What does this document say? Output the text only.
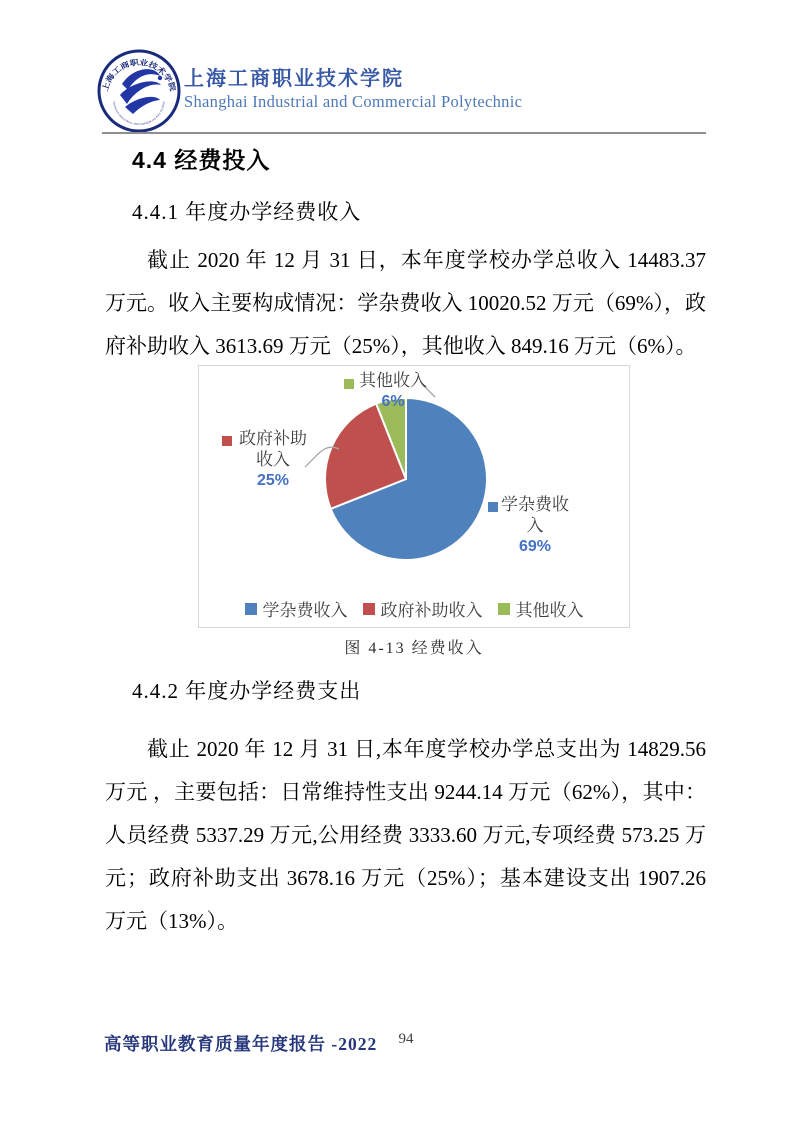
上海工商职业技术学院
SHANGHAI INDUSTRIAL AND COMMERCIAL POLYTECHNIC
上海工商职业技术学院
Shanghai Industrial and Commercial Polytechnic
4.4 经费投入
4.4.1 年度办学经费收入
截止 2020 年 12 月 31 日，本年度学校办学总收入 14483.37 万元。收入主要构成情况：学杂费收入 10020.52 万元（69%），政府补助收入 3613.69 万元（25%），其他收入 849.16 万元（6%）。
其他收入
6%
政府补助收入
25%
学杂费收入
69%
学杂费收入 政府补助收入 其他收入
图 4-13 经费收入
4.4.2 年度办学经费支出
截止 2020 年 12 月 31 日,本年度学校办学总支出为 14829.56 万元 ，主要包括：日常维持性支出 9244.14 万元（62%），其中：人员经费 5337.29 万元,公用经费 3333.60 万元,专项经费 573.25 万元；政府补助支出 3678.16 万元（25%）；基本建设支出 1907.26 万元（13%）。
高等职业教育质量年度报告 -2022	94
